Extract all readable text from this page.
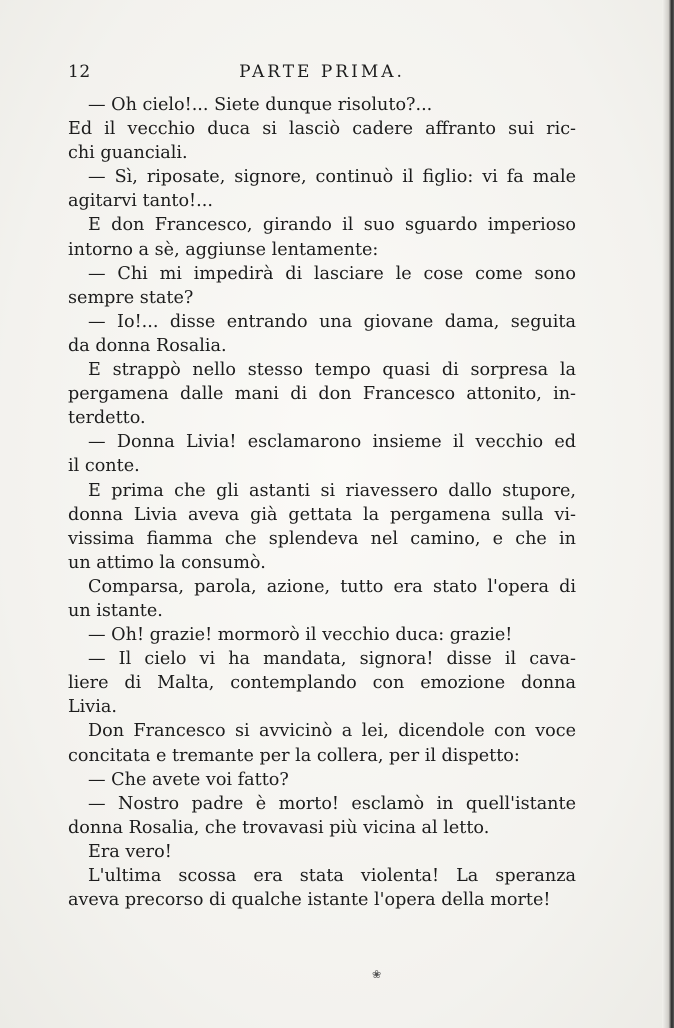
12	PARTE PRIMA.
— Oh cielo!... Siete dunque risoluto?...
Ed il vecchio duca si lasciò cadere affranto sui ric-
chi guanciali.
— Sì, riposate, signore, continuò il figlio: vi fa male
agitarvi tanto!...
E don Francesco, girando il suo sguardo imperioso
intorno a sè, aggiunse lentamente:
— Chi mi impedirà di lasciare le cose come sono
sempre state?
— Io!... disse entrando una giovane dama, seguita
da donna Rosalia.
E strappò nello stesso tempo quasi di sorpresa la
pergamena dalle mani di don Francesco attonito, in-
terdetto.
— Donna Livia! esclamarono insieme il vecchio ed
il conte.
E prima che gli astanti si riavessero dallo stupore,
donna Livia aveva già gettata la pergamena sulla vi-
vissima fiamma che splendeva nel camino, e che in
un attimo la consumò.
Comparsa, parola, azione, tutto era stato l'opera di
un istante.
— Oh! grazie! mormorò il vecchio duca: grazie!
— Il cielo vi ha mandata, signora! disse il cava-
liere di Malta, contemplando con emozione donna
Livia.
Don Francesco si avvicinò a lei, dicendole con voce
concitata e tremante per la collera, per il dispetto:
— Che avete voi fatto?
— Nostro padre è morto! esclamò in quell'istante
donna Rosalia, che trovavasi più vicina al letto.
Era vero!
L'ultima scossa era stata violenta! La speranza
aveva precorso di qualche istante l'opera della morte!
❀
